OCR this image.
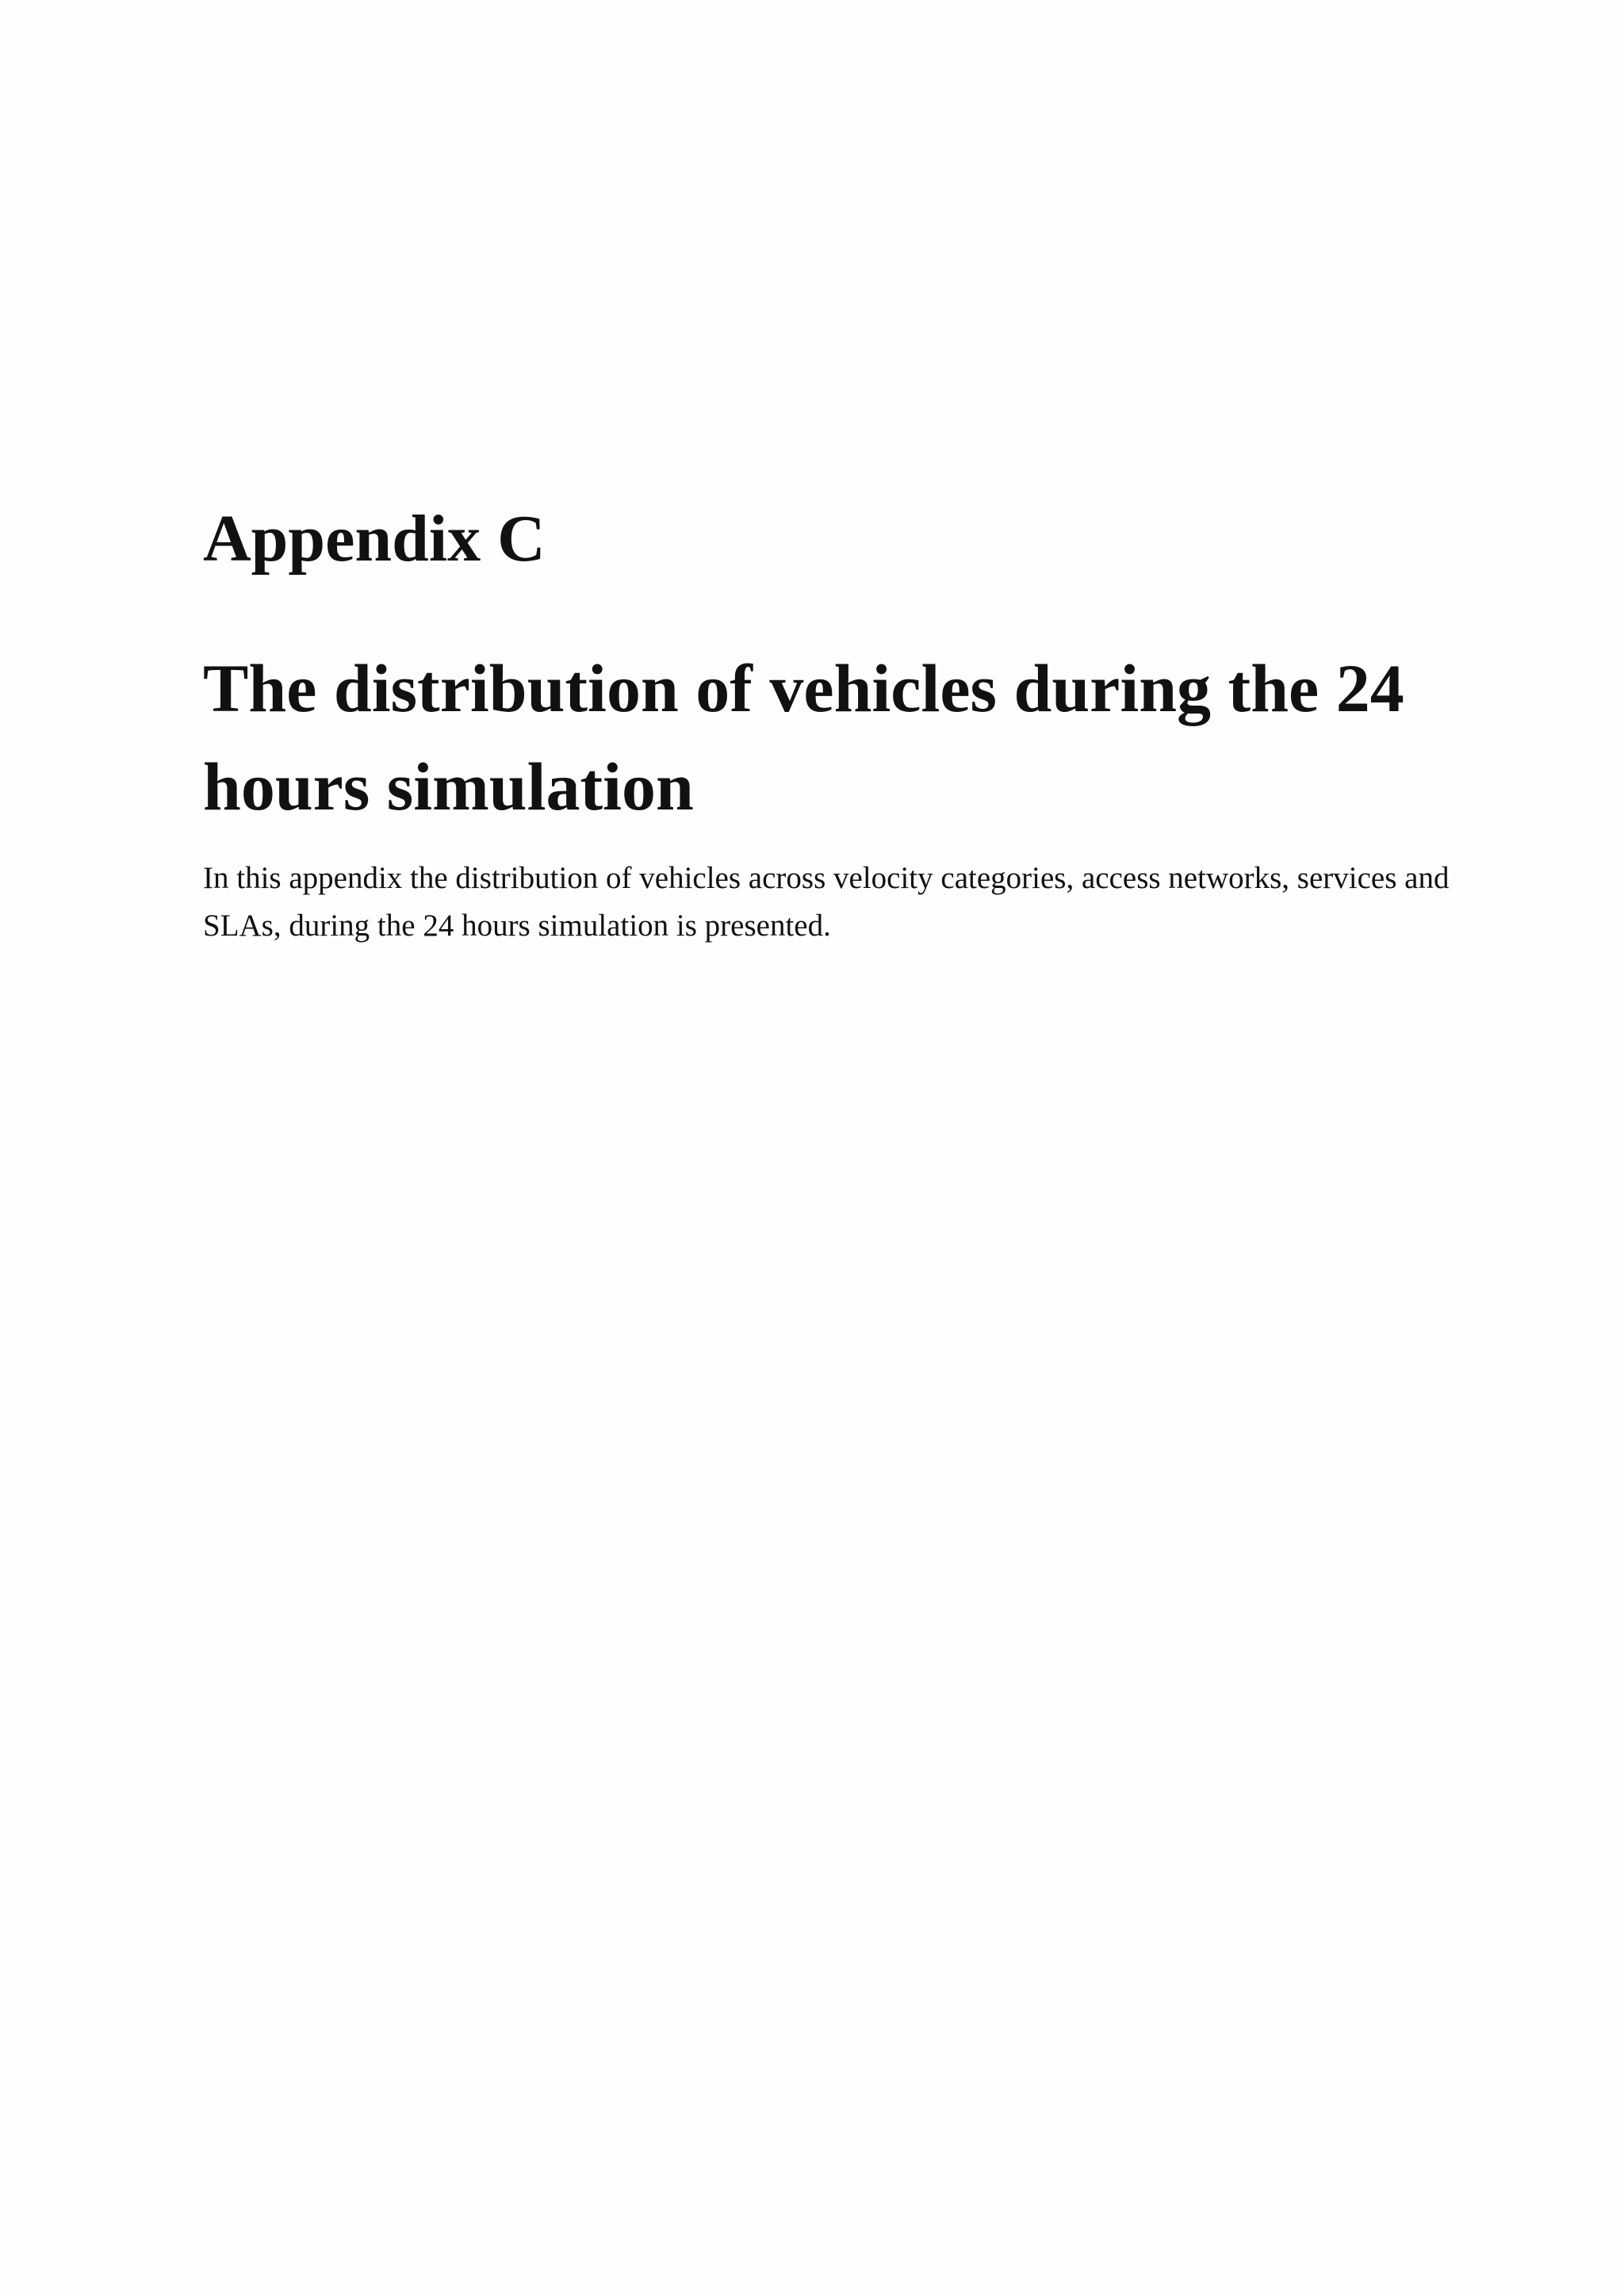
Appendix C
The distribution of vehicles during the 24 hours simulation

In this appendix the distribution of vehicles across velocity categories, access networks, services and SLAs, during the 24 hours simulation is presented.
